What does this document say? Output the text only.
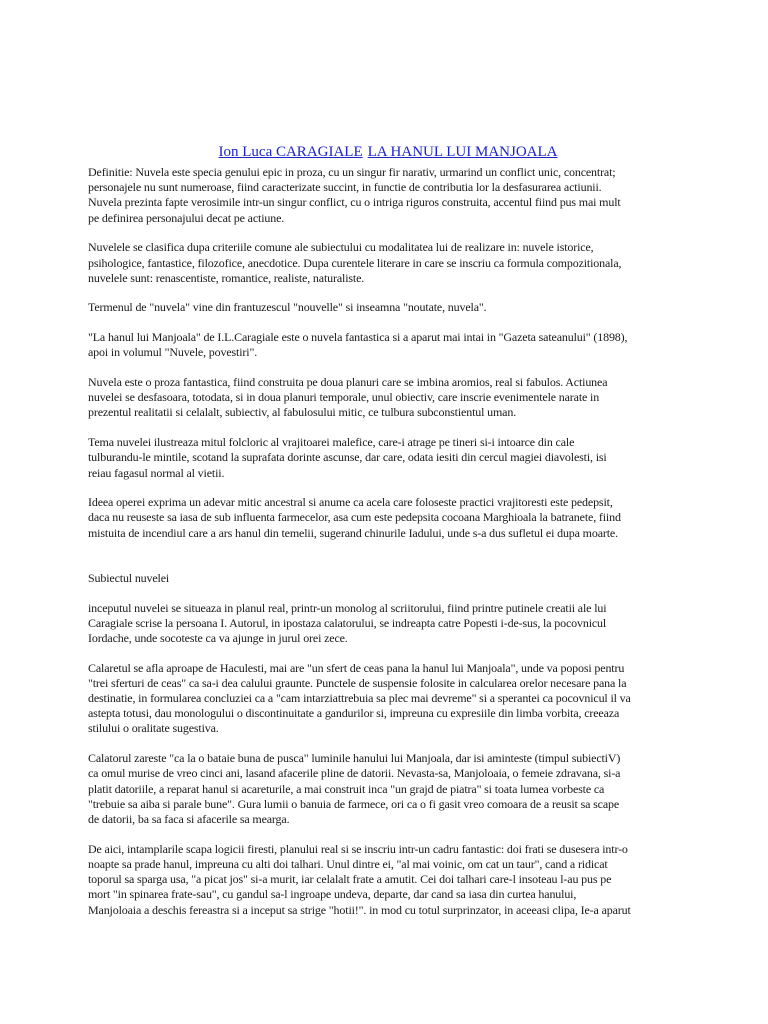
Ion Luca CARAGIALE LA HANUL LUI MANJOALA

Definitie: Nuvela este specia genului epic in proza, cu un singur fir narativ, urmarind un conflict unic, concentrat;
personajele nu sunt numeroase, fiind caracterizate succint, in functie de contributia lor la desfasurarea actiunii.
Nuvela prezinta fapte verosimile intr-un singur conflict, cu o intriga riguros construita, accentul fiind pus mai mult
pe definirea personajului decat pe actiune.

Nuvelele se clasifica dupa criteriile comune ale subiectului cu modalitatea lui de realizare in: nuvele istorice,
psihologice, fantastice, filozofice, anecdotice. Dupa curentele literare in care se inscriu ca formula compozitionala,
nuvelele sunt: renascentiste, romantice, realiste, naturaliste.

Termenul de "nuvela" vine din frantuzescul "nouvelle" si inseamna "noutate, nuvela".

"La hanul lui Manjoala" de I.L.Caragiale este o nuvela fantastica si a aparut mai intai in "Gazeta sateanului" (1898),
apoi in volumul "Nuvele, povestiri".

Nuvela este o proza fantastica, fiind construita pe doua planuri care se imbina aromios, real si fabulos. Actiunea
nuvelei se desfasoara, totodata, si in doua planuri temporale, unul obiectiv, care inscrie evenimentele narate in
prezentul realitatii si celalalt, subiectiv, al fabulosului mitic, ce tulbura subconstientul uman.

Tema nuvelei ilustreaza mitul folcloric al vrajitoarei malefice, care-i atrage pe tineri si-i intoarce din cale
tulburandu-le mintile, scotand la suprafata dorinte ascunse, dar care, odata iesiti din cercul magiei diavolesti, isi
reiau fagasul normal al vietii.

Ideea operei exprima un adevar mitic ancestral si anume ca acela care foloseste practici vrajitoresti este pedepsit,
daca nu reuseste sa iasa de sub influenta farmecelor, asa cum este pedepsita cocoana Marghioala la batranete, fiind
mistuita de incendiul care a ars hanul din temelii, sugerand chinurile Iadului, unde s-a dus sufletul ei dupa moarte.

Subiectul nuvelei

inceputul nuvelei se situeaza in planul real, printr-un monolog al scriitorului, fiind printre putinele creatii ale lui
Caragiale scrise la persoana I. Autorul, in ipostaza calatorului, se indreapta catre Popesti i-de-sus, la pocovnicul
Iordache, unde socoteste ca va ajunge in jurul orei zece.

Calaretul se afla aproape de Haculesti, mai are "un sfert de ceas pana la hanul lui Manjoala", unde va poposi pentru
"trei sferturi de ceas" ca sa-i dea calului graunte. Punctele de suspensie folosite in calcularea orelor necesare pana la
destinatie, in formularea concluziei ca a "cam intarziattrebuia sa plec mai devreme" si a sperantei ca pocovnicul il va
astepta totusi, dau monologului o discontinuitate a gandurilor si, impreuna cu expresiile din limba vorbita, creeaza
stilului o oralitate sugestiva.

Calatorul zareste "ca la o bataie buna de pusca" luminile hanului lui Manjoala, dar isi aminteste (timpul subiectiV)
ca omul murise de vreo cinci ani, lasand afacerile pline de datorii. Nevasta-sa, Manjoloaia, o femeie zdravana, si-a
platit datoriile, a reparat hanul si acareturile, a mai construit inca "un grajd de piatra" si toata lumea vorbeste ca
"trebuie sa aiba si parale bune". Gura lumii o banuia de farmece, ori ca o fi gasit vreo comoara de a reusit sa scape
de datorii, ba sa faca si afacerile sa mearga.

De aici, intamplarile scapa logicii firesti, planului real si se inscriu intr-un cadru fantastic: doi frati se dusesera intr-o
noapte sa prade hanul, impreuna cu alti doi talhari. Unul dintre ei, "al mai voinic, om cat un taur", cand a ridicat
toporul sa sparga usa, "a picat jos" si-a murit, iar celalalt frate a amutit. Cei doi talhari care-l insoteau l-au pus pe
mort "in spinarea frate-sau", cu gandul sa-l ingroape undeva, departe, dar cand sa iasa din curtea hanului,
Manjoloaia a deschis fereastra si a inceput sa strige "hotii!". in mod cu totul surprinzator, in aceeasi clipa, Ie-a aparut
